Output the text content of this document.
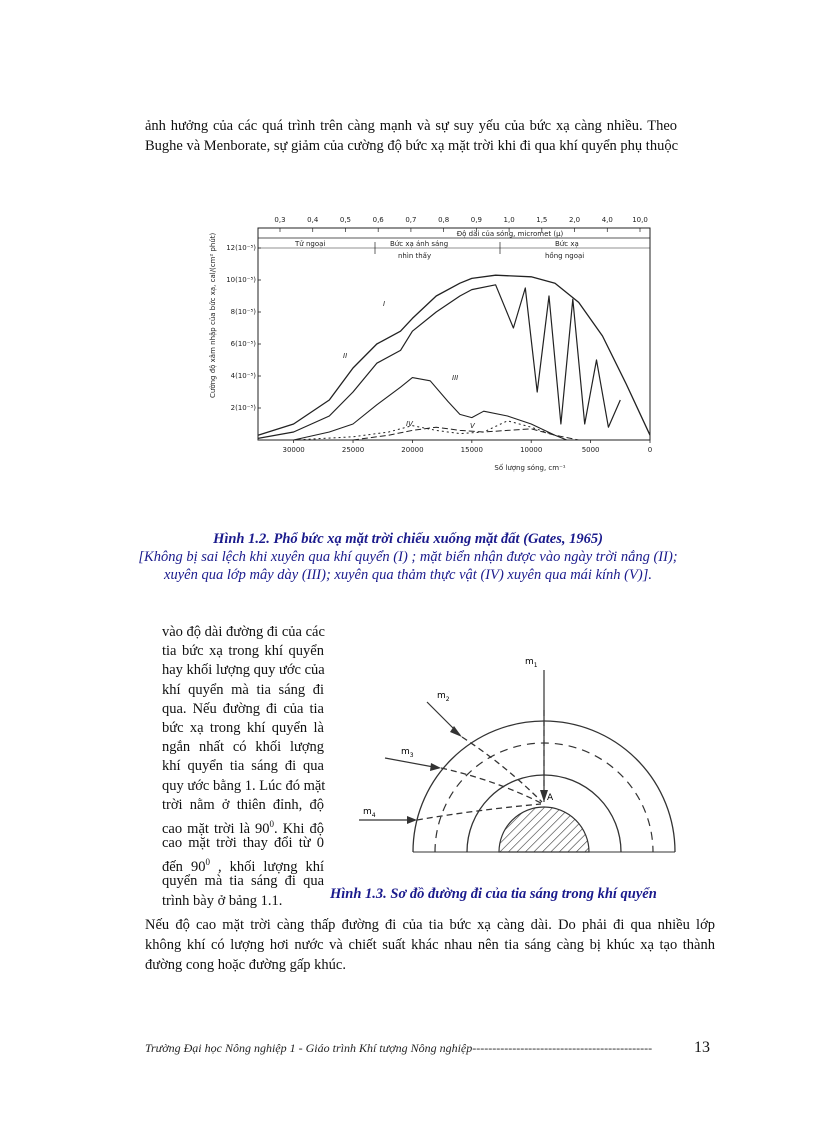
ảnh hưởng của các quá trình trên càng mạnh và sự suy yếu của bức xạ càng nhiều. Theo

Bughe và Menborate, sự giảm của cường độ bức xạ mặt trời khi đi qua khí quyển phụ thuộc

Độ dài của sóng, micromet (µ)
Số lượng sóng, cm⁻¹
Cường độ xâm nhập của bức xạ, cal/(cm² phút)	Tử ngoại	Bức xạ ánh sáng
nhìn thấy
Bức xạ
hồng ngoại
30000	25000	20000	15000	10000	5000	0
12(10⁻⁵)
10(10⁻⁵)
8(10⁻⁵)
6(10⁻⁵)
4(10⁻⁵)
2(10⁻⁵)
0,3	0,4	0,5	0,6	0,7	0,8	0,9	1,0	1,5	2,0	4,0	10,0
I
II
III
IV	V
Hình 1.2. Phổ bức xạ mặt trời chiếu xuống mặt đất (Gates, 1965)
[Không bị sai lệch khi xuyên qua khí quyển (I) ; mặt biển nhận được vào ngày trời nắng (II);
xuyên qua lớp mây dày (III); xuyên qua thảm thực vật (IV) xuyên qua mái kính (V)].
vào độ dài đường đi của các
tia bức xạ trong khí quyển
hay khối lượng quy ước của
khí quyển mà tia sáng đi
qua. Nếu đường đi của tia
bức xạ trong khí quyển là
ngắn nhất có khối lượng
khí quyển tia sáng đi qua
quy ước bằng 1. Lúc đó mặt
trời nằm ở thiên đỉnh, độ
cao mặt trời là $90^0$. Khi độ
cao mặt trời thay đổi từ 0
đến $90^0$ , khối lượng khí
quyển mà tia sáng đi qua
trình bày ở bảng 1.1.
$m_1$
$m_2$
$m_3$
$m_4$
A
Hình 1.3. Sơ đồ đường đi của tia sáng trong khí quyển

Nếu độ cao mặt trời càng thấp đường đi của tia bức xạ càng dài. Do phải đi qua nhiều lớp

không khí có lượng hơi nước và chiết suất khác nhau nên tia sáng càng bị khúc xạ tạo thành

đường cong hoặc đường gấp khúc.

Trường Đại học Nông nghiệp 1 - Giáo trình Khí tượng Nông nghiệp---------------------------------------------	13
